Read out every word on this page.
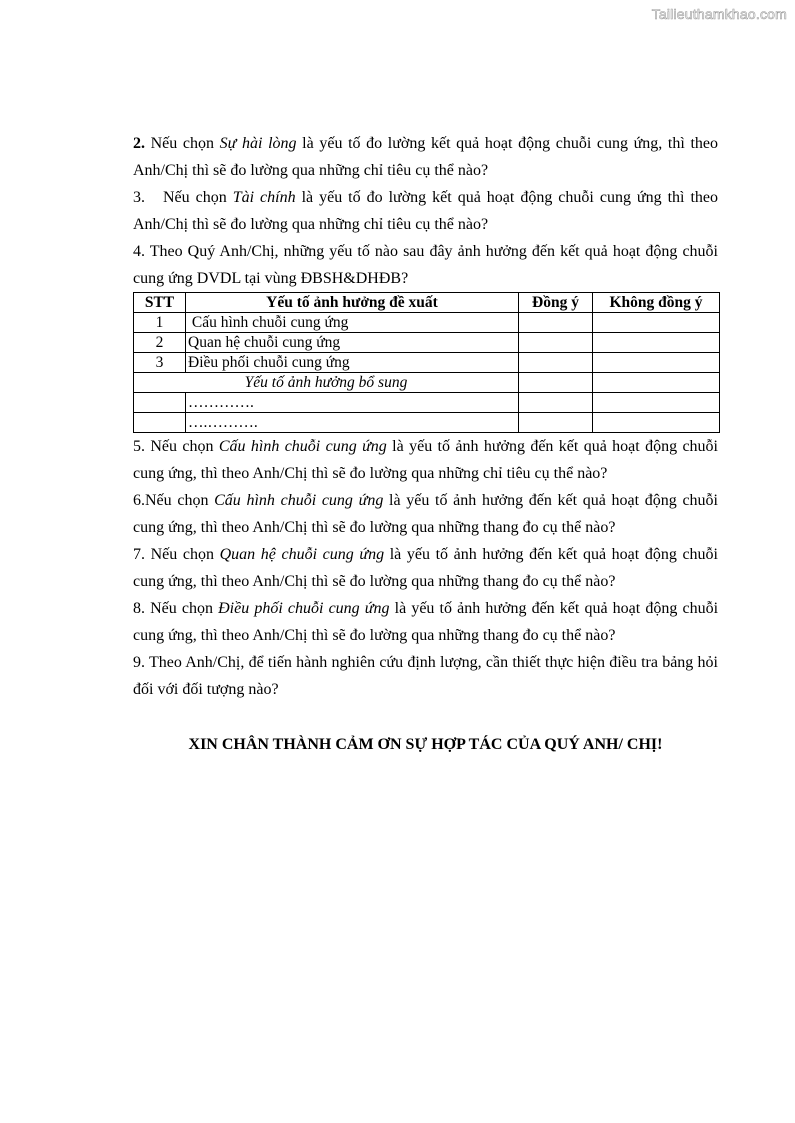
Tailieuthamkhao.com

2. Nếu chọn Sự hài lòng là yếu tố đo lường kết quả hoạt động chuỗi cung ứng, thì theo Anh/Chị thì sẽ đo lường qua những chỉ tiêu cụ thể nào?

3.   Nếu chọn Tài chính là yếu tố đo lường kết quả hoạt động chuỗi cung ứng thì theo Anh/Chị thì sẽ đo lường qua những chỉ tiêu cụ thể nào?

4. Theo Quý Anh/Chị, những yếu tố nào sau đây ảnh hưởng đến kết quả hoạt động chuỗi cung ứng DVDL tại vùng ĐBSH&DHĐB?

STT	Yếu tố ảnh hưởng đề xuất	Đồng ý	Không đồng ý
1	Cấu hình chuỗi cung ứng		
2	Quan hệ chuỗi cung ứng		
3	Điều phối chuỗi cung ứng		
Yếu tố ảnh hưởng bổ sung			
	………….		
	….……….		

5. Nếu chọn Cấu hình chuỗi cung ứng là yếu tố ảnh hưởng đến kết quả hoạt động chuỗi cung ứng, thì theo Anh/Chị thì sẽ đo lường qua những chỉ tiêu cụ thể nào?

6.Nếu chọn Cấu hình chuỗi cung ứng là yếu tố ảnh hưởng đến kết quả hoạt động chuỗi cung ứng, thì theo Anh/Chị thì sẽ đo lường qua những thang đo cụ thể nào?

7. Nếu chọn Quan hệ chuỗi cung ứng là yếu tố ảnh hưởng đến kết quả hoạt động chuỗi cung ứng, thì theo Anh/Chị thì sẽ đo lường qua những thang đo cụ thể nào?

8. Nếu chọn Điều phối chuỗi cung ứng là yếu tố ảnh hưởng đến kết quả hoạt động chuỗi cung ứng, thì theo Anh/Chị thì sẽ đo lường qua những thang đo cụ thể nào?

9. Theo Anh/Chị, để tiến hành nghiên cứu định lượng, cần thiết thực hiện điều tra bảng hỏi đối với đối tượng nào?

XIN CHÂN THÀNH CẢM ƠN SỰ HỢP TÁC CỦA QUÝ ANH/ CHỊ!
